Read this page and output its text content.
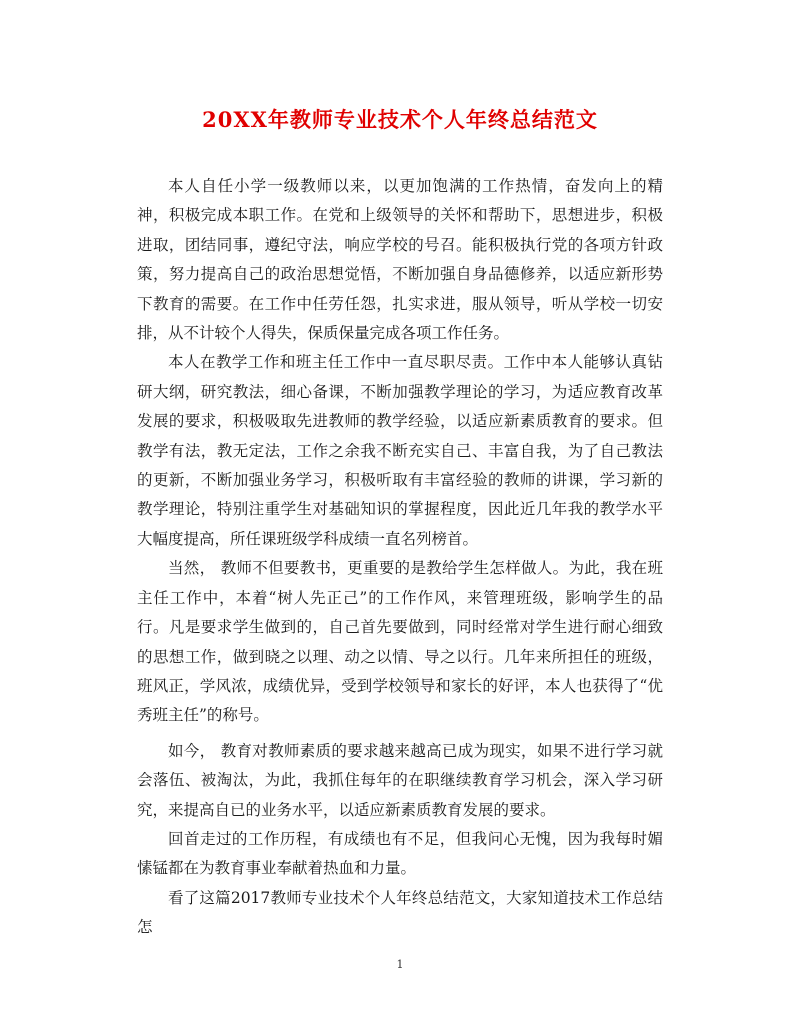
20XX年教师专业技术个人年终总结范文

本人自任小学一级教师以来，以更加饱满的工作热情，奋发向上的精神，积极完成本职工作。在党和上级领导的关怀和帮助下，思想进步，积极进取，团结同事，遵纪守法，响应学校的号召。能积极执行党的各项方针政策，努力提高自己的政治思想觉悟，不断加强自身品德修养，以适应新形势下教育的需要。在工作中任劳任怨，扎实求进，服从领导，听从学校一切安排，从不计较个人得失，保质保量完成各项工作任务。

本人在教学工作和班主任工作中一直尽职尽责。工作中本人能够认真钻研大纲，研究教法，细心备课，不断加强教学理论的学习，为适应教育改革发展的要求，积极吸取先进教师的教学经验，以适应新素质教育的要求。但教学有法，教无定法，工作之余我不断充实自己、丰富自我，为了自己教法的更新，不断加强业务学习，积极听取有丰富经验的教师的讲课，学习新的教学理论，特别注重学生对基础知识的掌握程度，因此近几年我的教学水平大幅度提高，所任课班级学科成绩一直名列榜首。

当然， 教师不但要教书，更重要的是教给学生怎样做人。为此，我在班主任工作中，本着“树人先正己”的工作作风，来管理班级，影响学生的品行。凡是要求学生做到的，自己首先要做到，同时经常对学生进行耐心细致的思想工作，做到晓之以理、动之以情、导之以行。几年来所担任的班级，班风正，学风浓，成绩优异，受到学校领导和家长的好评，本人也获得了“优秀班主任”的称号。

如今， 教育对教师素质的要求越来越高已成为现实，如果不进行学习就会落伍、被淘汰，为此，我抓住每年的在职继续教育学习机会，深入学习研究，来提高自已的业务水平，以适应新素质教育发展的要求。

回首走过的工作历程，有成绩也有不足，但我问心无愧，因为我每时媚愫锰都在为教育事业奉献着热血和力量。

看了这篇2017教师专业技术个人年终总结范文，大家知道技术工作总结怎

1
